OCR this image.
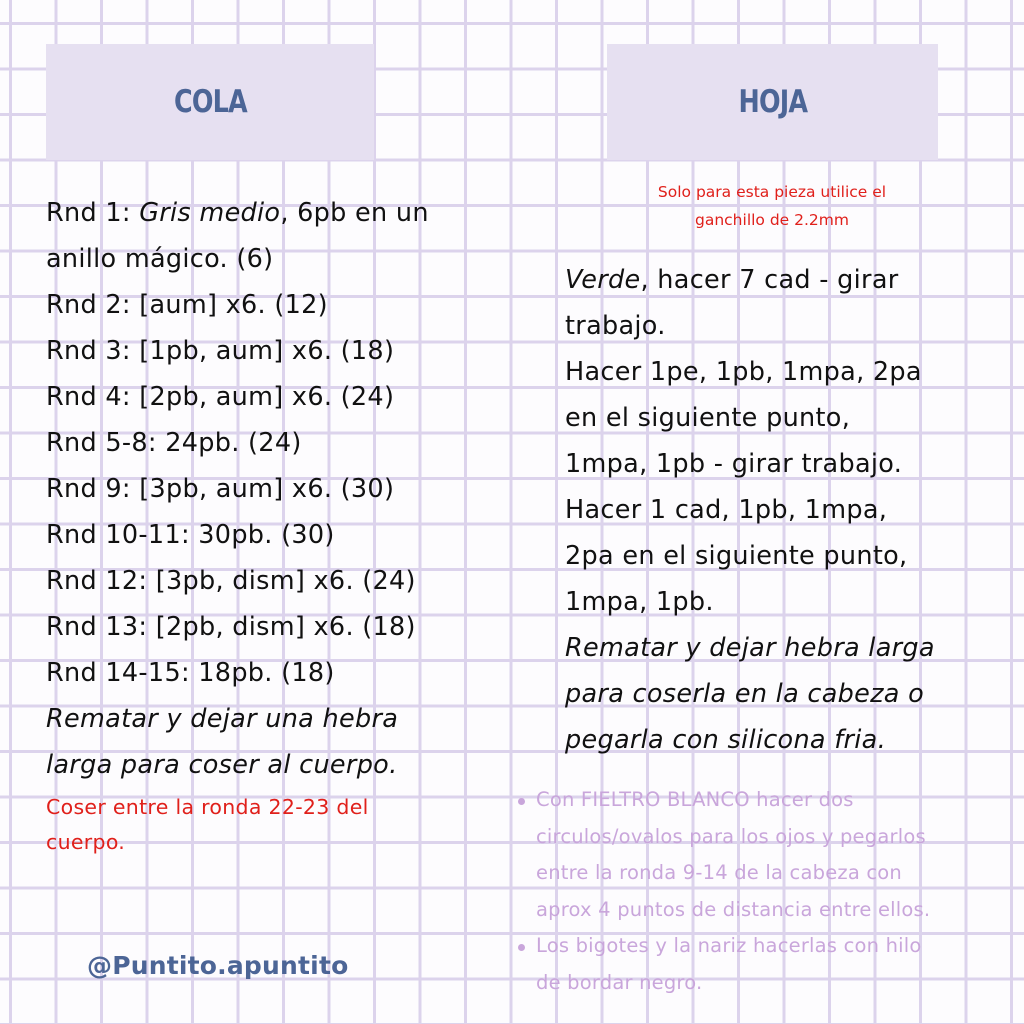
COLA	HOJA
Rnd 1: Gris medio, 6pb en un
anillo mágico. (6)
Rnd 2: [aum] x6. (12)
Rnd 3: [1pb, aum] x6. (18)
Rnd 4: [2pb, aum] x6. (24)
Rnd 5-8: 24pb. (24)
Rnd 9: [3pb, aum] x6. (30)
Rnd 10-11: 30pb. (30)
Rnd 12: [3pb, dism] x6. (24)
Rnd 13: [2pb, dism] x6. (18)
Rnd 14-15: 18pb. (18)
Rematar y dejar una hebra
larga para coser al cuerpo.
Coser entre la ronda 22-23 del
cuerpo.
Solo para esta pieza utilice el
ganchillo de 2.2mm
Verde, hacer 7 cad - girar
trabajo.
Hacer 1pe, 1pb, 1mpa, 2pa
en el siguiente punto,
1mpa, 1pb - girar trabajo.
Hacer 1 cad, 1pb, 1mpa,
2pa en el siguiente punto,
1mpa, 1pb.
Rematar y dejar hebra larga
para coserla en la cabeza o
pegarla con silicona fria.
Con FIELTRO BLANCO hacer dos
circulos/ovalos para los ojos y pegarlos
entre la ronda 9-14 de la cabeza con
aprox 4 puntos de distancia entre ellos.
Los bigotes y la nariz hacerlas con hilo
de bordar negro.
@Puntito.apuntito
